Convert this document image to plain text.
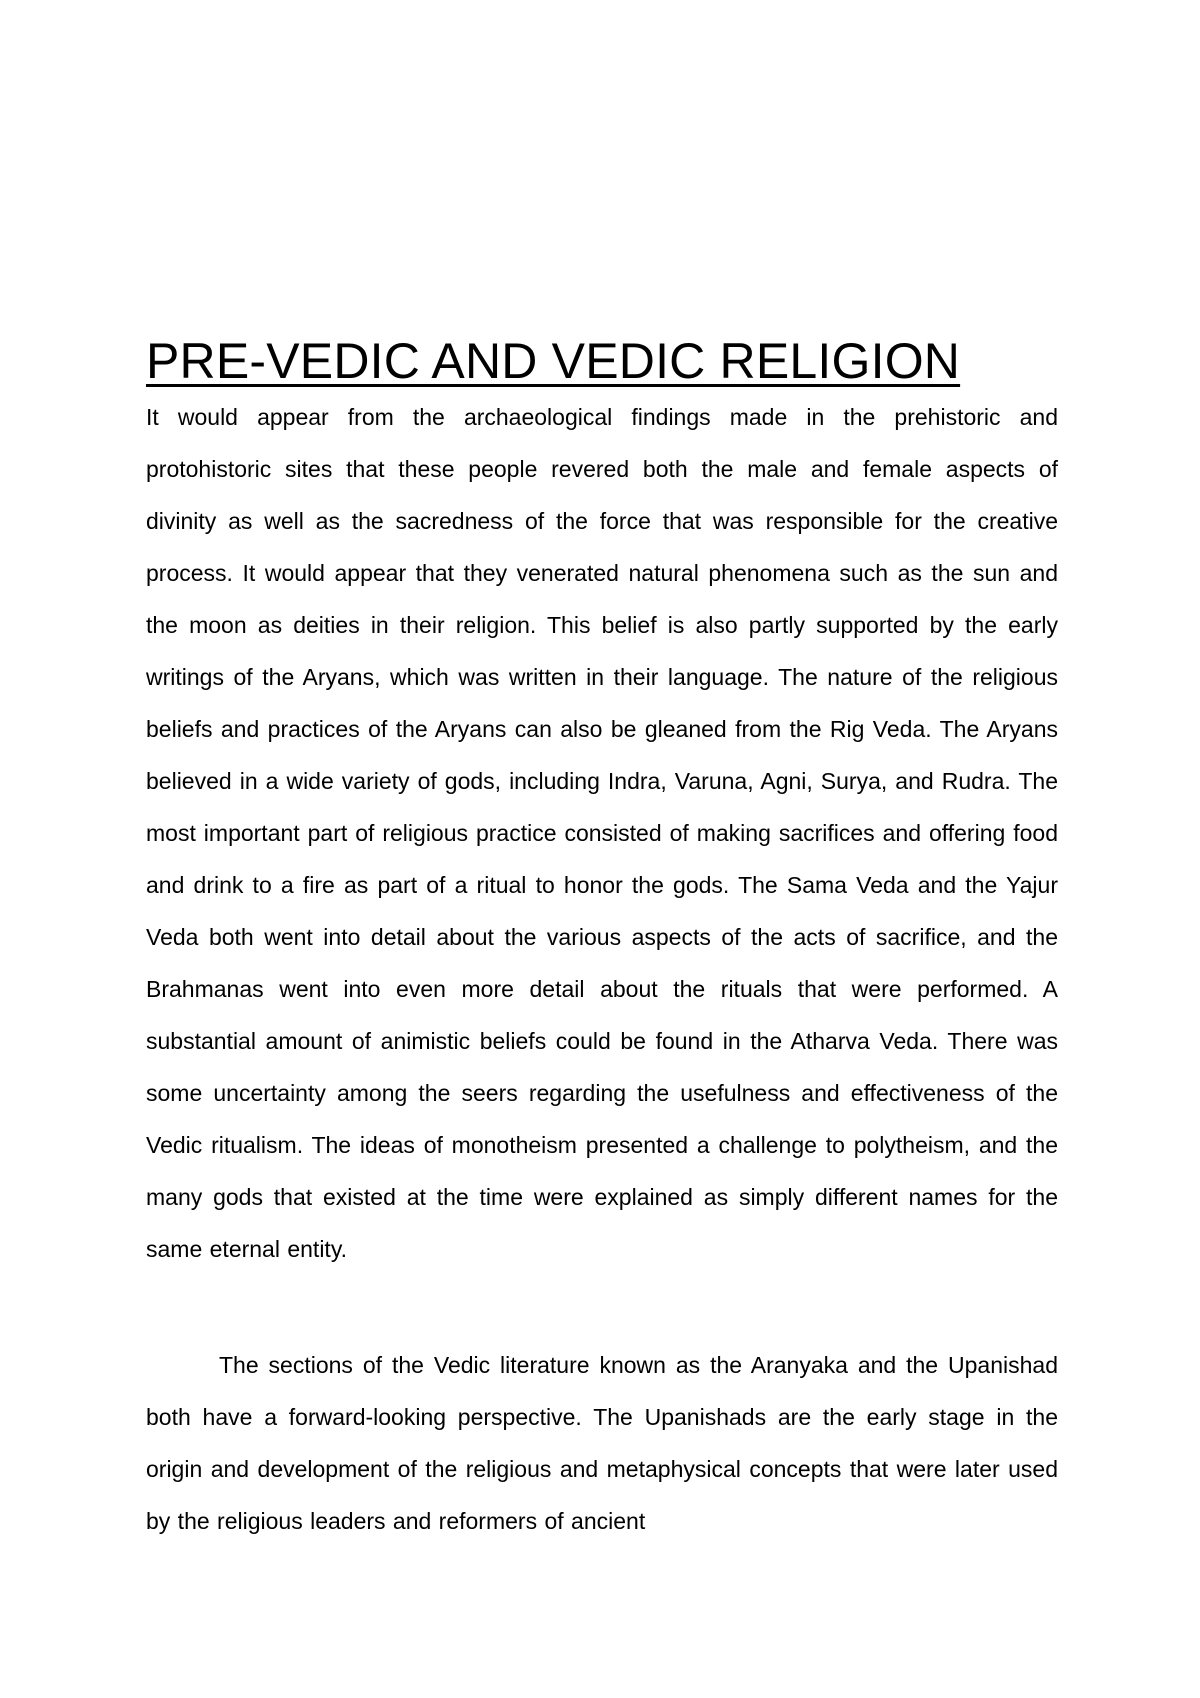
PRE-VEDIC AND VEDIC RELIGION

It would appear from the archaeological findings made in the prehistoric and protohistoric sites that these people revered both the male and female aspects of divinity as well as the sacredness of the force that was responsible for the creative process. It would appear that they venerated natural phenomena such as the sun and the moon as deities in their religion. This belief is also partly supported by the early writings of the Aryans, which was written in their language. The nature of the religious beliefs and practices of the Aryans can also be gleaned from the Rig Veda. The Aryans believed in a wide variety of gods, including Indra, Varuna, Agni, Surya, and Rudra. The most important part of religious practice consisted of making sacrifices and offering food and drink to a fire as part of a ritual to honor the gods. The Sama Veda and the Yajur Veda both went into detail about the various aspects of the acts of sacrifice, and the Brahmanas went into even more detail about the rituals that were performed. A substantial amount of animistic beliefs could be found in the Atharva Veda. There was some uncertainty among the seers regarding the usefulness and effectiveness of the Vedic ritualism. The ideas of monotheism presented a challenge to polytheism, and the many gods that existed at the time were explained as simply different names for the same eternal entity.

The sections of the Vedic literature known as the Aranyaka and the Upanishad both have a forward-looking perspective. The Upanishads are the early stage in the origin and development of the religious and metaphysical concepts that were later used by the religious leaders and reformers of ancient
